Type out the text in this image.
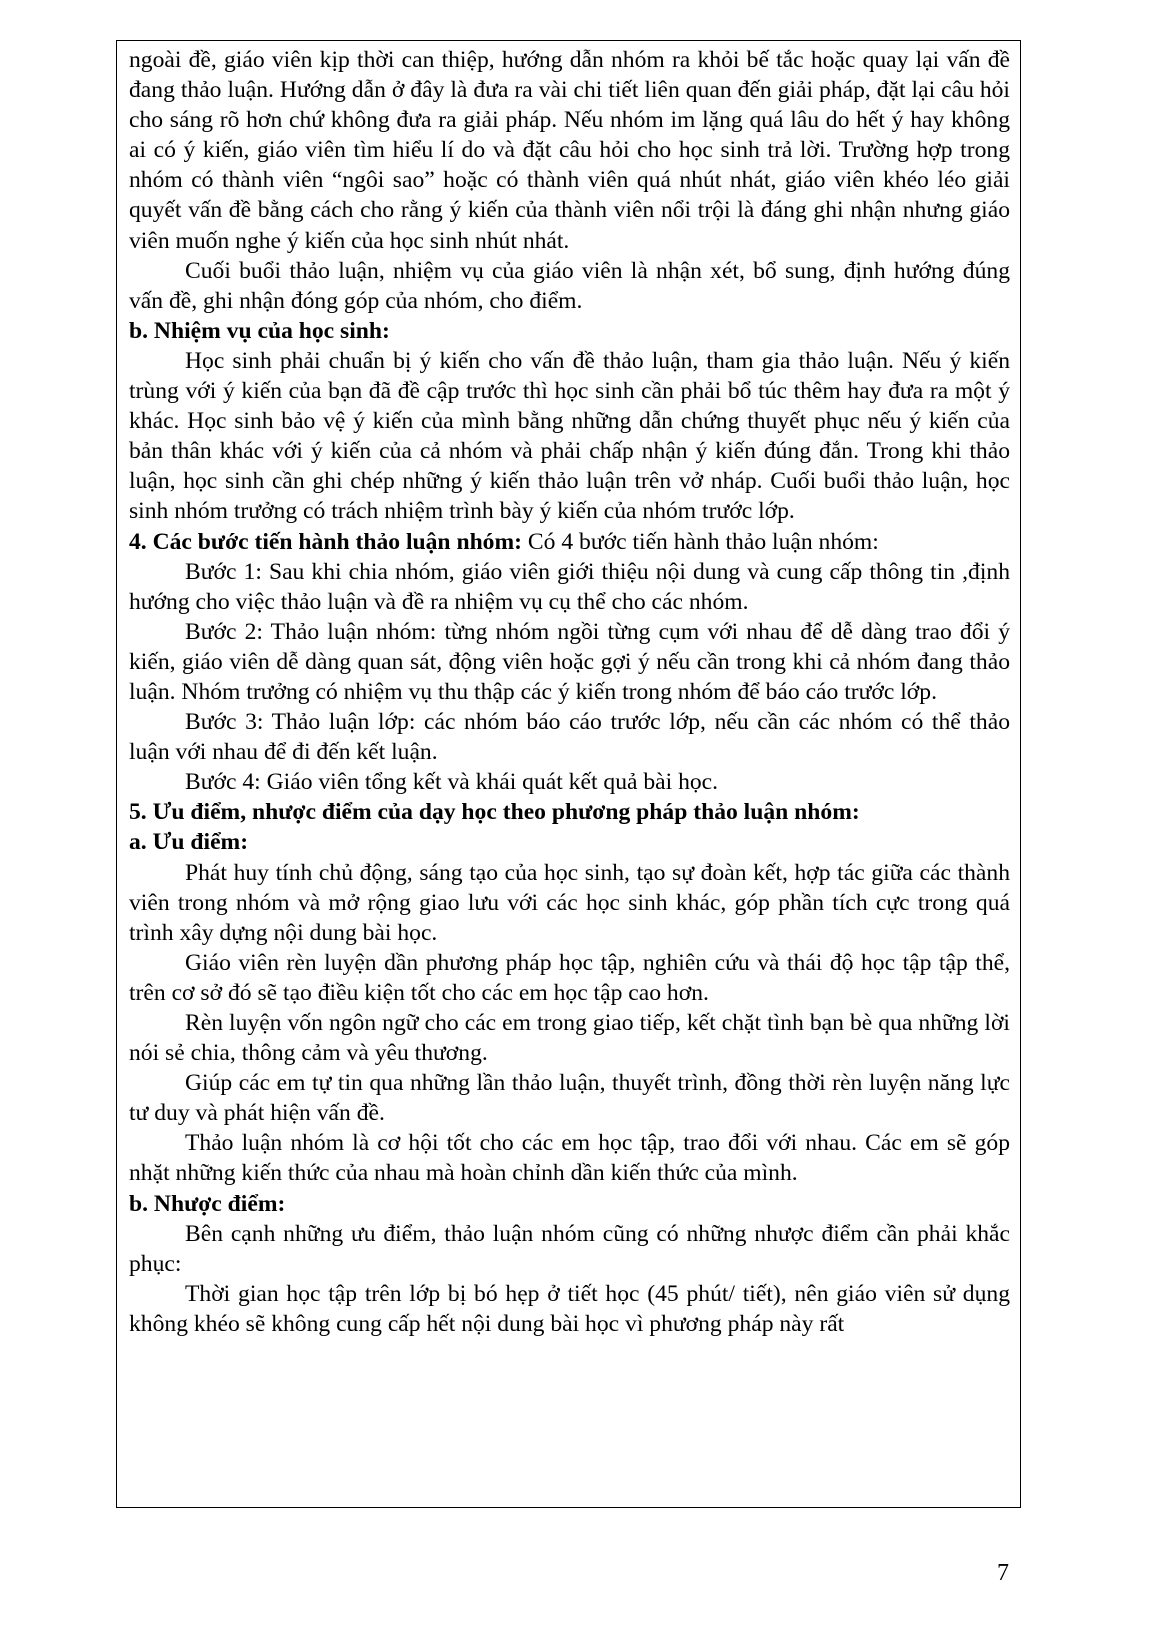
ngoài đề, giáo viên kịp thời can thiệp, hướng dẫn nhóm ra khỏi bế tắc hoặc quay lại vấn đề đang thảo luận. Hướng dẫn ở đây là đưa ra vài chi tiết liên quan đến giải pháp, đặt lại câu hỏi cho sáng rõ hơn chứ không đưa ra giải pháp. Nếu nhóm im lặng quá lâu do hết ý hay không ai có ý kiến, giáo viên tìm hiểu lí do và đặt câu hỏi cho học sinh trả lời. Trường hợp trong nhóm có thành viên “ngôi sao” hoặc có thành viên quá nhút nhát, giáo viên khéo léo giải quyết vấn đề bằng cách cho rằng ý kiến của thành viên nổi trội là đáng ghi nhận nhưng giáo viên muốn nghe ý kiến của học sinh nhút nhát.

Cuối buổi thảo luận, nhiệm vụ của giáo viên là nhận xét, bổ sung, định hướng đúng vấn đề, ghi nhận đóng góp của nhóm, cho điểm.

b. Nhiệm vụ của học sinh:

Học sinh phải chuẩn bị ý kiến cho vấn đề thảo luận, tham gia thảo luận. Nếu ý kiến trùng với ý kiến của bạn đã đề cập trước thì học sinh cần phải bổ túc thêm hay đưa ra một ý khác. Học sinh bảo vệ ý kiến của mình bằng những dẫn chứng thuyết phục nếu ý kiến của bản thân khác với ý kiến của cả nhóm và phải chấp nhận ý kiến đúng đắn. Trong khi thảo luận, học sinh cần ghi chép những ý kiến thảo luận trên vở nháp. Cuối buổi thảo luận, học sinh nhóm trưởng có trách nhiệm trình bày ý kiến của nhóm trước lớp.

4. Các bước tiến hành thảo luận nhóm: Có 4 bước tiến hành thảo luận nhóm:

Bước 1: Sau khi chia nhóm, giáo viên giới thiệu nội dung và cung cấp thông tin ,định hướng cho việc thảo luận và đề ra nhiệm vụ cụ thể cho các nhóm.

Bước 2: Thảo luận nhóm: từng nhóm ngồi từng cụm với nhau để dễ dàng trao đổi ý kiến, giáo viên dễ dàng quan sát, động viên hoặc gợi ý nếu cần trong khi cả nhóm đang thảo luận. Nhóm trưởng có nhiệm vụ thu thập các ý kiến trong nhóm để báo cáo trước lớp.

Bước 3: Thảo luận lớp: các nhóm báo cáo trước lớp, nếu cần các nhóm có thể thảo luận với nhau để đi đến kết luận.

Bước 4: Giáo viên tổng kết và khái quát kết quả bài học.

5. Ưu điểm, nhược điểm của dạy học theo phương pháp thảo luận nhóm:

a. Ưu điểm:

Phát huy tính chủ động, sáng tạo của học sinh, tạo sự đoàn kết, hợp tác giữa các thành viên trong nhóm và mở rộng giao lưu với các học sinh khác, góp phần tích cực trong quá trình xây dựng nội dung bài học.

Giáo viên rèn luyện dần phương pháp học tập, nghiên cứu và thái độ học tập tập thể, trên cơ sở đó sẽ tạo điều kiện tốt cho các em học tập cao hơn.

Rèn luyện vốn ngôn ngữ cho các em trong giao tiếp, kết chặt tình bạn bè qua những lời nói sẻ chia, thông cảm và yêu thương.

Giúp các em tự tin qua những lần thảo luận, thuyết trình, đồng thời rèn luyện năng lực tư duy và phát hiện vấn đề.

Thảo luận nhóm là cơ hội tốt cho các em học tập, trao đổi với nhau. Các em sẽ góp nhặt những kiến thức của nhau mà hoàn chỉnh dần kiến thức của mình.

b. Nhược điểm:

Bên cạnh những ưu điểm, thảo luận nhóm cũng có những nhược điểm cần phải khắc phục:

Thời gian học tập trên lớp bị bó hẹp ở tiết học (45 phút/ tiết), nên giáo viên sử dụng không khéo sẽ không cung cấp hết nội dung bài học vì phương pháp này rất

7
